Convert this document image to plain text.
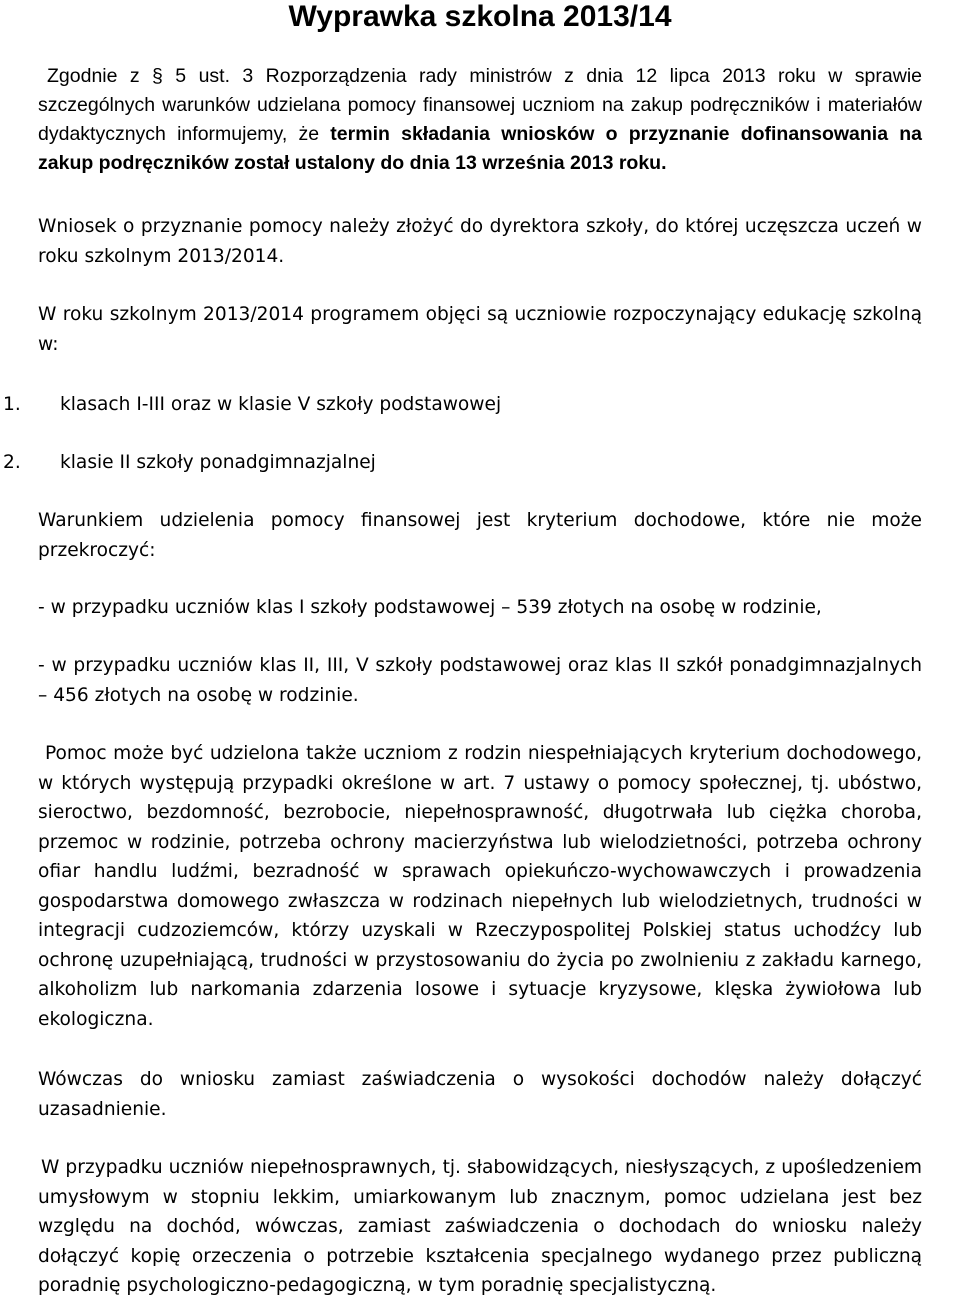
Wyprawka szkolna 2013/14

Zgodnie z § 5 ust. 3 Rozporządzenia rady ministrów z dnia 12 lipca 2013 roku w sprawie szczególnych warunków udzielana pomocy finansowej uczniom na zakup podręczników i materiałów dydaktycznych informujemy, że termin składania wniosków o przyznanie dofinansowania na zakup podręczników został ustalony do dnia 13 września 2013 roku.

Wniosek o przyznanie pomocy należy złożyć do dyrektora szkoły, do której uczęszcza uczeń w roku szkolnym 2013/2014.

W roku szkolnym 2013/2014 programem objęci są uczniowie rozpoczynający edukację szkolną w:

1. klasach I-III oraz w klasie V szkoły podstawowej

2. klasie II szkoły ponadgimnazjalnej

Warunkiem udzielenia pomocy finansowej jest kryterium dochodowe, które nie może przekroczyć:

- w przypadku uczniów klas I szkoły podstawowej – 539 złotych na osobę w rodzinie,

- w przypadku uczniów klas II, III, V szkoły podstawowej oraz klas II szkół ponadgimnazjalnych – 456 złotych na osobę w rodzinie.

Pomoc może być udzielona także uczniom z rodzin niespełniających kryterium dochodowego, w których występują przypadki określone w art. 7 ustawy o pomocy społecznej, tj. ubóstwo, sieroctwo, bezdomność, bezrobocie, niepełnosprawność, długotrwała lub ciężka choroba, przemoc w rodzinie, potrzeba ochrony macierzyństwa lub wielodzietności, potrzeba ochrony ofiar handlu ludźmi, bezradność w sprawach opiekuńczo-wychowawczych i prowadzenia gospodarstwa domowego zwłaszcza w rodzinach niepełnych lub wielodzietnych, trudności w integracji cudzoziemców, którzy uzyskali w Rzeczypospolitej Polskiej status uchodźcy lub ochronę uzupełniającą, trudności w przystosowaniu do życia po zwolnieniu z zakładu karnego, alkoholizm lub narkomania zdarzenia losowe i sytuacje kryzysowe, klęska żywiołowa lub ekologiczna.

Wówczas do wniosku zamiast zaświadczenia o wysokości dochodów należy dołączyć uzasadnienie.

W przypadku uczniów niepełnosprawnych, tj. słabowidzących, niesłyszących, z upośledzeniem umysłowym w stopniu lekkim, umiarkowanym lub znacznym, pomoc udzielana jest bez względu na dochód, wówczas, zamiast zaświadczenia o dochodach do wniosku należy dołączyć kopię orzeczenia o potrzebie kształcenia specjalnego wydanego przez publiczną poradnię psychologiczno-pedagogiczną, w tym poradnię specjalistyczną.
